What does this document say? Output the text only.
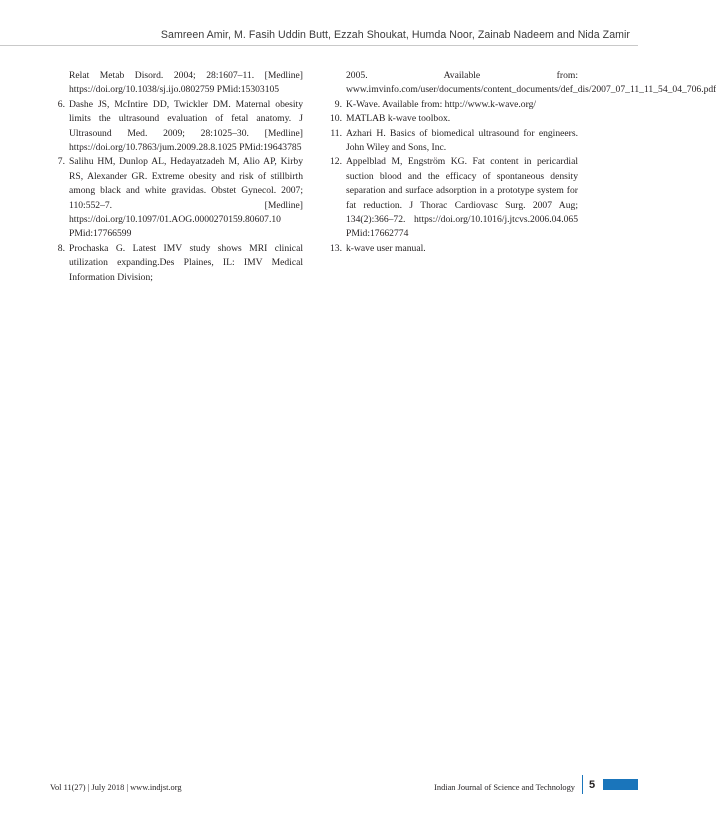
Samreen Amir, M. Fasih Uddin Butt, Ezzah Shoukat, Humda Noor, Zainab Nadeem and Nida Zamir

Relat Metab Disord. 2004; 28:1607–11. [Medline] https://doi.org/10.1038/sj.ijo.0802759 PMid:15303105

6. Dashe JS, McIntire DD, Twickler DM. Maternal obesity limits the ultrasound evaluation of fetal anatomy. J Ultrasound Med. 2009; 28:1025–30. [Medline] https://doi.org/10.7863/jum.2009.28.8.1025 PMid:19643785

7. Salihu HM, Dunlop AL, Hedayatzadeh M, Alio AP, Kirby RS, Alexander GR. Extreme obesity and risk of stillbirth among black and white gravidas. Obstet Gynecol. 2007; 110:552–7. [Medline] https://doi.org/10.1097/01.AOG.0000270159.80607.10 PMid:17766599

8. Prochaska G. Latest IMV study shows MRI clinical utilization expanding.Des Plaines, IL: IMV Medical Information Division;

2005. Available from: www.imvinfo.com/user/documents/content_documents/def_dis/2007_07_11_11_54_04_706.pdf

9. K-Wave. Available from: http://www.k-wave.org/

10. MATLAB k-wave toolbox.

11. Azhari H. Basics of biomedical ultrasound for engineers. John Wiley and Sons, Inc.

12. Appelblad M, Engström KG. Fat content in pericardial suction blood and the efficacy of spontaneous density separation and surface adsorption in a prototype system for fat reduction. J Thorac Cardiovasc Surg. 2007 Aug; 134(2):366–72. https://doi.org/10.1016/j.jtcvs.2006.04.065 PMid:17662774

13. k-wave user manual.

Vol 11(27) | July 2018 | www.indjst.org	Indian Journal of Science and Technology 5
